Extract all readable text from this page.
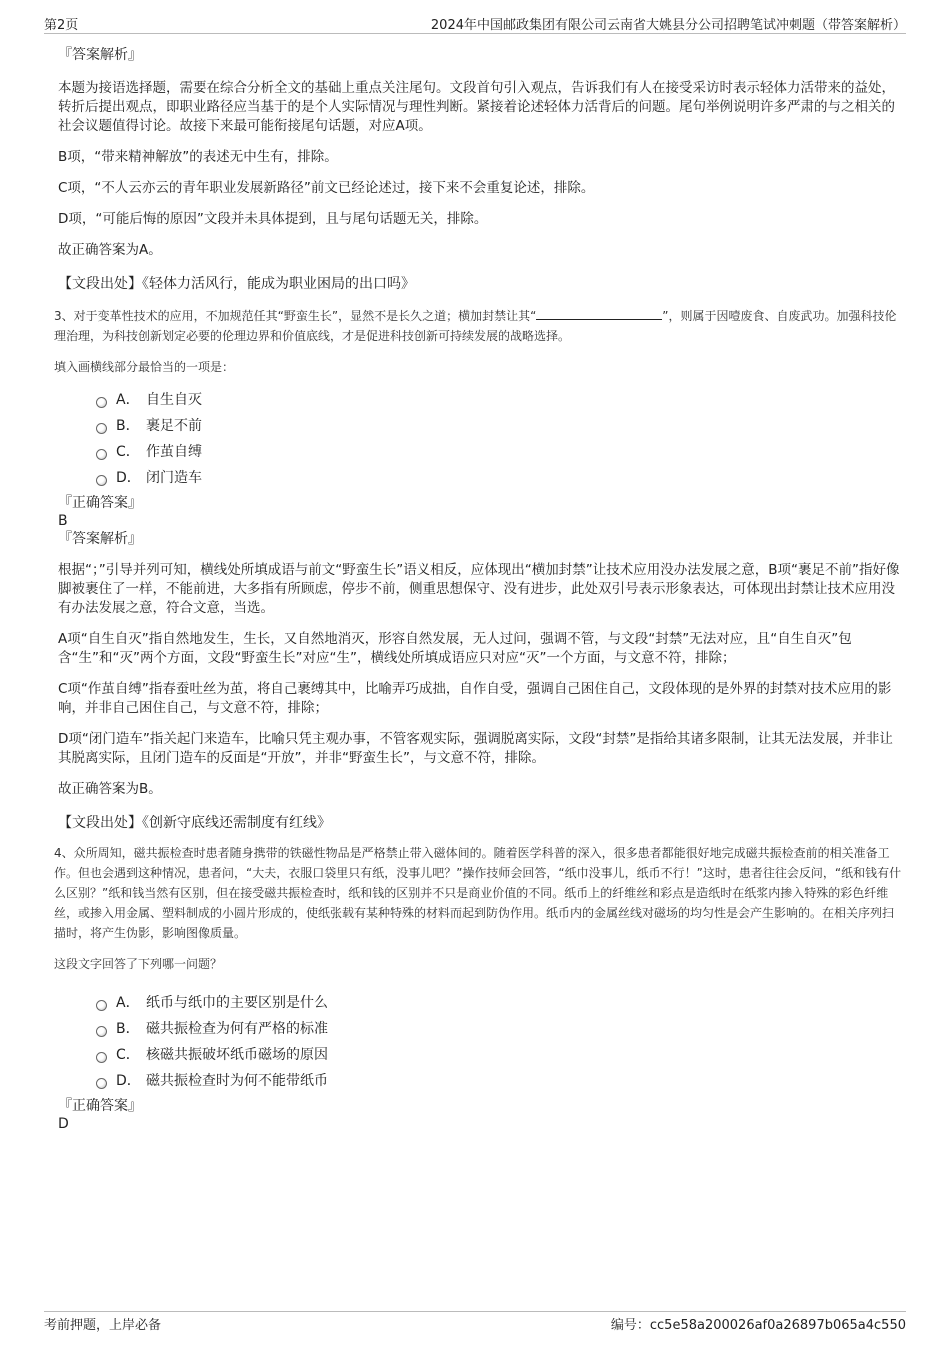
第2页	2024年中国邮政集团有限公司云南省大姚县分公司招聘笔试冲刺题（带答案解析）
『答案解析』

本题为接语选择题，需要在综合分析全文的基础上重点关注尾句。文段首句引入观点，告诉我们有人在接受采访时表示轻体力活带来的益处，转折后提出观点，即职业路径应当基于的是个人实际情况与理性判断。紧接着论述轻体力活背后的问题。尾句举例说明许多严肃的与之相关的社会议题值得讨论。故接下来最可能衔接尾句话题，对应A项。

B项，“带来精神解放”的表述无中生有，排除。

C项，“不人云亦云的青年职业发展新路径”前文已经论述过，接下来不会重复论述，排除。

D项，“可能后悔的原因”文段并未具体提到，且与尾句话题无关，排除。

故正确答案为A。

【文段出处】《轻体力活风行，能成为职业困局的出口吗》

3、对于变革性技术的应用，不加规范任其“野蛮生长”，显然不是长久之道；横加封禁让其“	”，则属于因噎废食、自废武功。加强科技伦理治理，为科技创新划定必要的伦理边界和价值底线，才是促进科技创新可持续发展的战略选择。

填入画横线部分最恰当的一项是：

A． 自生自灭
B． 裹足不前
C． 作茧自缚
D． 闭门造车
『正确答案』
B
『答案解析』

根据“；”引导并列可知，横线处所填成语与前文“野蛮生长”语义相反，应体现出“横加封禁”让技术应用没办法发展之意，B项“裹足不前”指好像脚被裹住了一样，不能前进，大多指有所顾虑，停步不前，侧重思想保守、没有进步，此处双引号表示形象表达，可体现出封禁让技术应用没有办法发展之意，符合文意，当选。

A项“自生自灭”指自然地发生，生长，又自然地消灭，形容自然发展，无人过问，强调不管，与文段“封禁”无法对应，且“自生自灭”包含“生”和“灭”两个方面，文段“野蛮生长”对应“生”，横线处所填成语应只对应“灭”一个方面，与文意不符，排除；

C项“作茧自缚”指春蚕吐丝为茧，将自己裹缚其中，比喻弄巧成拙，自作自受，强调自己困住自己，文段体现的是外界的封禁对技术应用的影响，并非自己困住自己，与文意不符，排除；

D项“闭门造车”指关起门来造车，比喻只凭主观办事，不管客观实际，强调脱离实际，文段“封禁”是指给其诸多限制，让其无法发展，并非让其脱离实际，且闭门造车的反面是“开放”，并非“野蛮生长”，与文意不符，排除。

故正确答案为B。

【文段出处】《创新守底线还需制度有红线》

4、众所周知，磁共振检查时患者随身携带的铁磁性物品是严格禁止带入磁体间的。随着医学科普的深入，很多患者都能很好地完成磁共振检查前的相关准备工作。但也会遇到这种情况，患者问，“大夫，衣服口袋里只有纸，没事儿吧？”操作技师会回答，“纸巾没事儿，纸币不行！”这时，患者往往会反问，“纸和钱有什么区别？”纸和钱当然有区别，但在接受磁共振检查时，纸和钱的区别并不只是商业价值的不同。纸币上的纤维丝和彩点是造纸时在纸浆内掺入特殊的彩色纤维丝，或掺入用金属、塑料制成的小圆片形成的，使纸张载有某种特殊的材料而起到防伪作用。纸币内的金属丝线对磁场的均匀性是会产生影响的。在相关序列扫描时，将产生伪影，影响图像质量。

这段文字回答了下列哪一问题？

A． 纸币与纸巾的主要区别是什么
B． 磁共振检查为何有严格的标准
C． 核磁共振破坏纸币磁场的原因
D． 磁共振检查时为何不能带纸币
『正确答案』
D
考前押题，上岸必备	编号：cc5e58a200026af0a26897b065a4c550
